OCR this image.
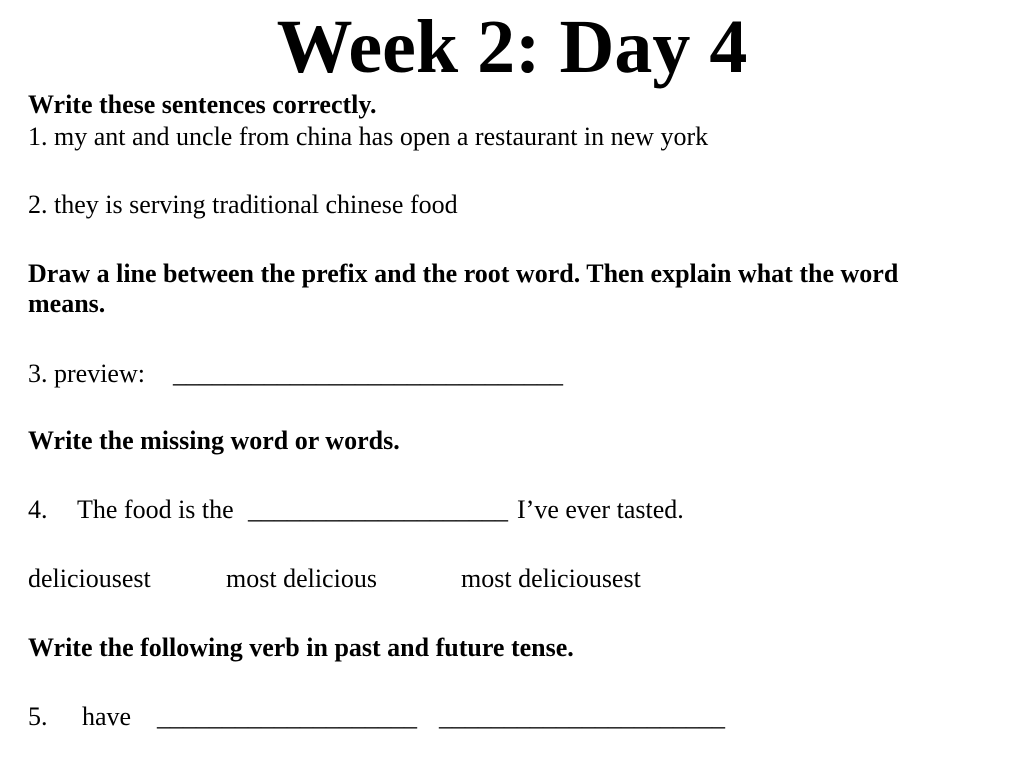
Week 2: Day 4
Write these sentences correctly.
1. my ant and uncle from china has open a restaurant in new york
2. they is serving traditional chinese food
Draw a line between the prefix and the root word. Then explain what the word
means.
3. preview: ______________________________
Write the missing word or words.
4. The food is the ____________________ I’ve ever tasted.
deliciousest	most delicious	most deliciousest
Write the following verb in past and future tense.
5. have ____________________ ______________________
